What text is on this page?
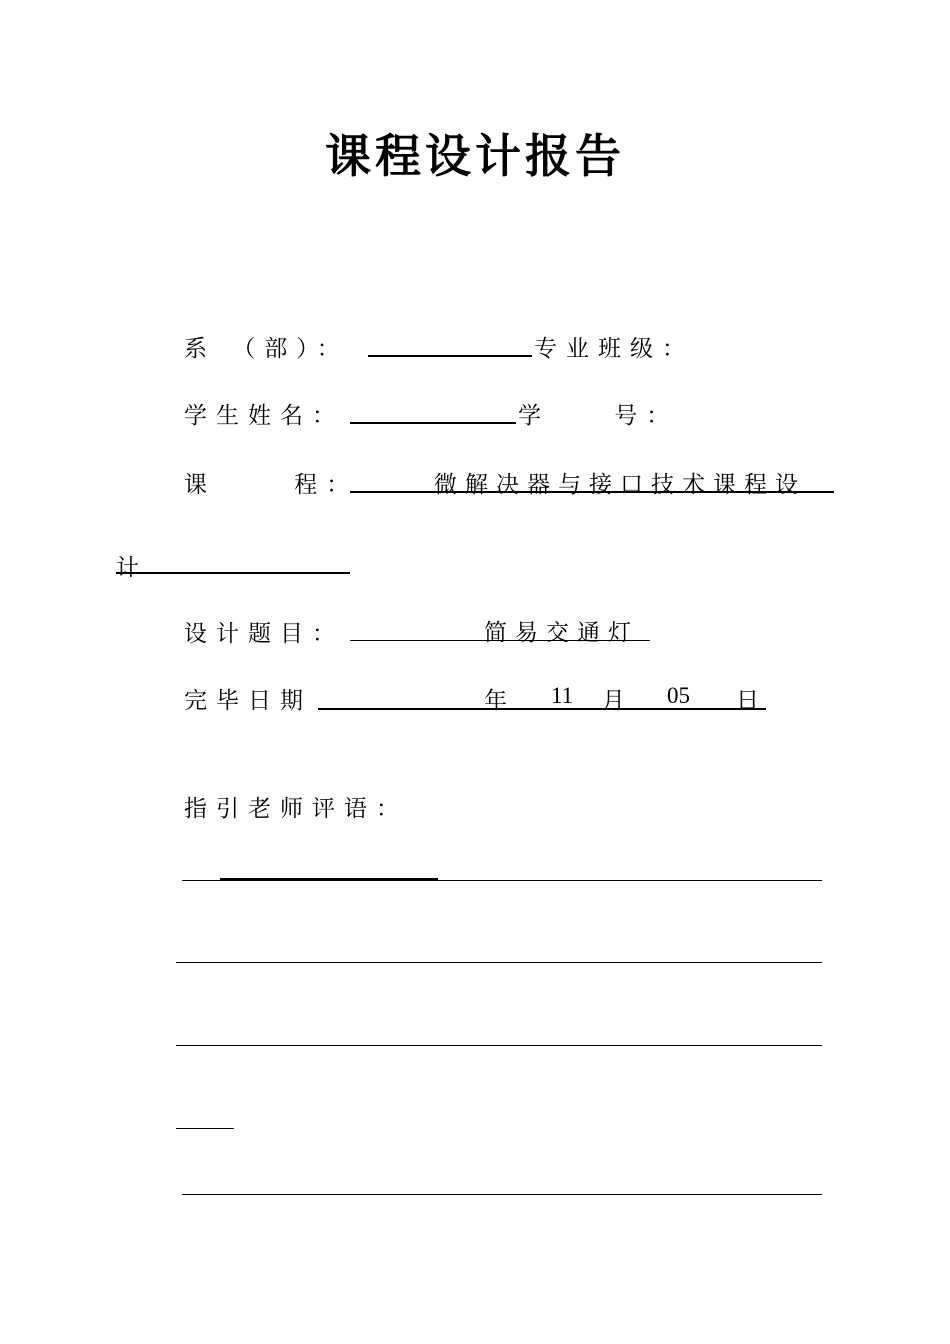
课程设计报告
系 （部）：	专业班级：
学生姓名：	学 号：
课 程：	微解决器与接口技术课程设
计
设计题目：	简易交通灯
完毕日期	年 11 月 05 日
指引老师评语：
